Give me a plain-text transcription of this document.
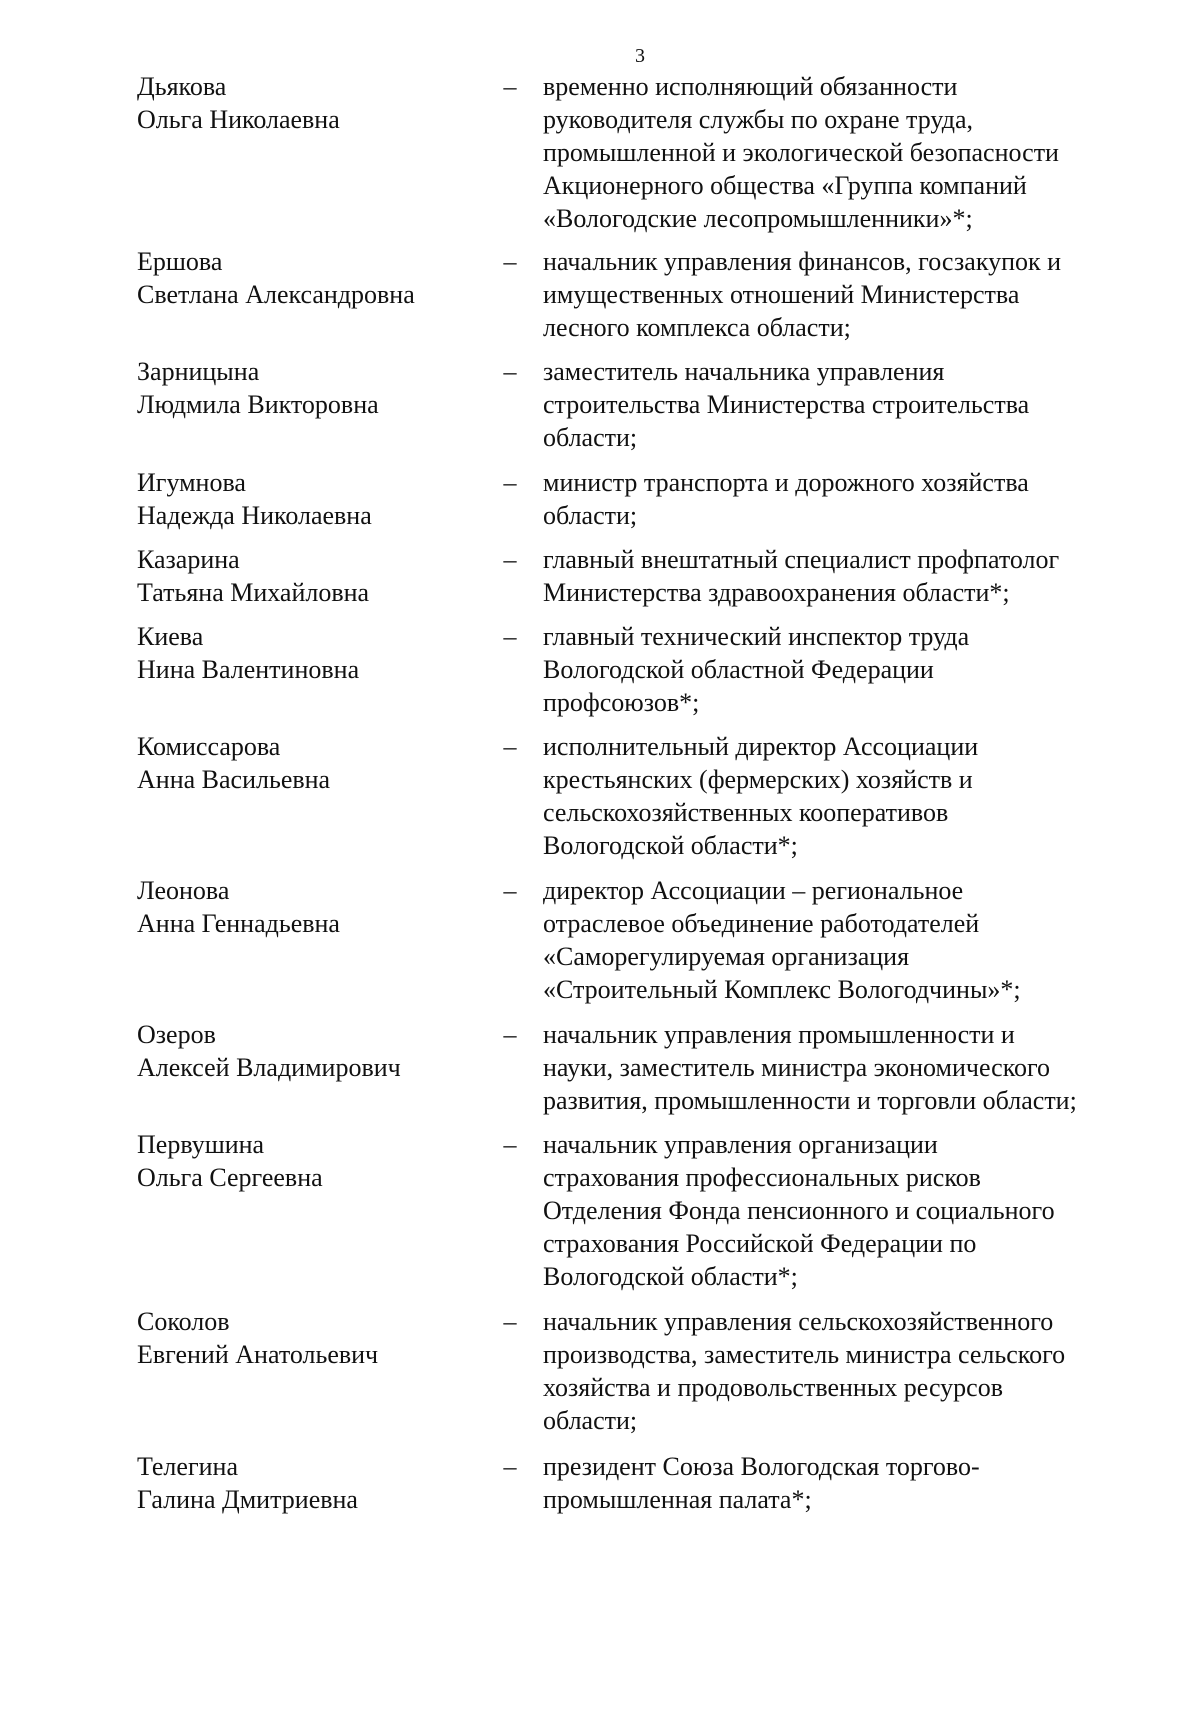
3
Дьякова
Ольга Николаевна
– временно исполняющий обязанности
руководителя службы по охране труда,
промышленной и экологической безопасности
Акционерного общества «Группа компаний
«Вологодские лесопромышленники»*;
Ершова
Светлана Александровна
– начальник управления финансов, госзакупок и
имущественных отношений Министерства
лесного комплекса области;
Зарницына
Людмила Викторовна
– заместитель начальника управления
строительства Министерства строительства
области;
Игумнова
Надежда Николаевна
– министр транспорта и дорожного хозяйства
области;
Казарина
Татьяна Михайловна
– главный внештатный специалист профпатолог
Министерства здравоохранения области*;
Киева
Нина Валентиновна
– главный технический инспектор труда
Вологодской областной Федерации
профсоюзов*;
Комиссарова
Анна Васильевна
– исполнительный директор Ассоциации
крестьянских (фермерских) хозяйств и
сельскохозяйственных кооперативов
Вологодской области*;
Леонова
Анна Геннадьевна
– директор Ассоциации – региональное
отраслевое объединение работодателей
«Саморегулируемая организация
«Строительный Комплекс Вологодчины»*;
Озеров
Алексей Владимирович
– начальник управления промышленности и
науки, заместитель министра экономического
развития, промышленности и торговли области;
Первушина
Ольга Сергеевна
– начальник управления организации
страхования профессиональных рисков
Отделения Фонда пенсионного и социального
страхования Российской Федерации по
Вологодской области*;
Соколов
Евгений Анатольевич
– начальник управления сельскохозяйственного
производства, заместитель министра сельского
хозяйства и продовольственных ресурсов
области;
Телегина
Галина Дмитриевна
– президент Союза Вологодская торгово-
промышленная палата*;
